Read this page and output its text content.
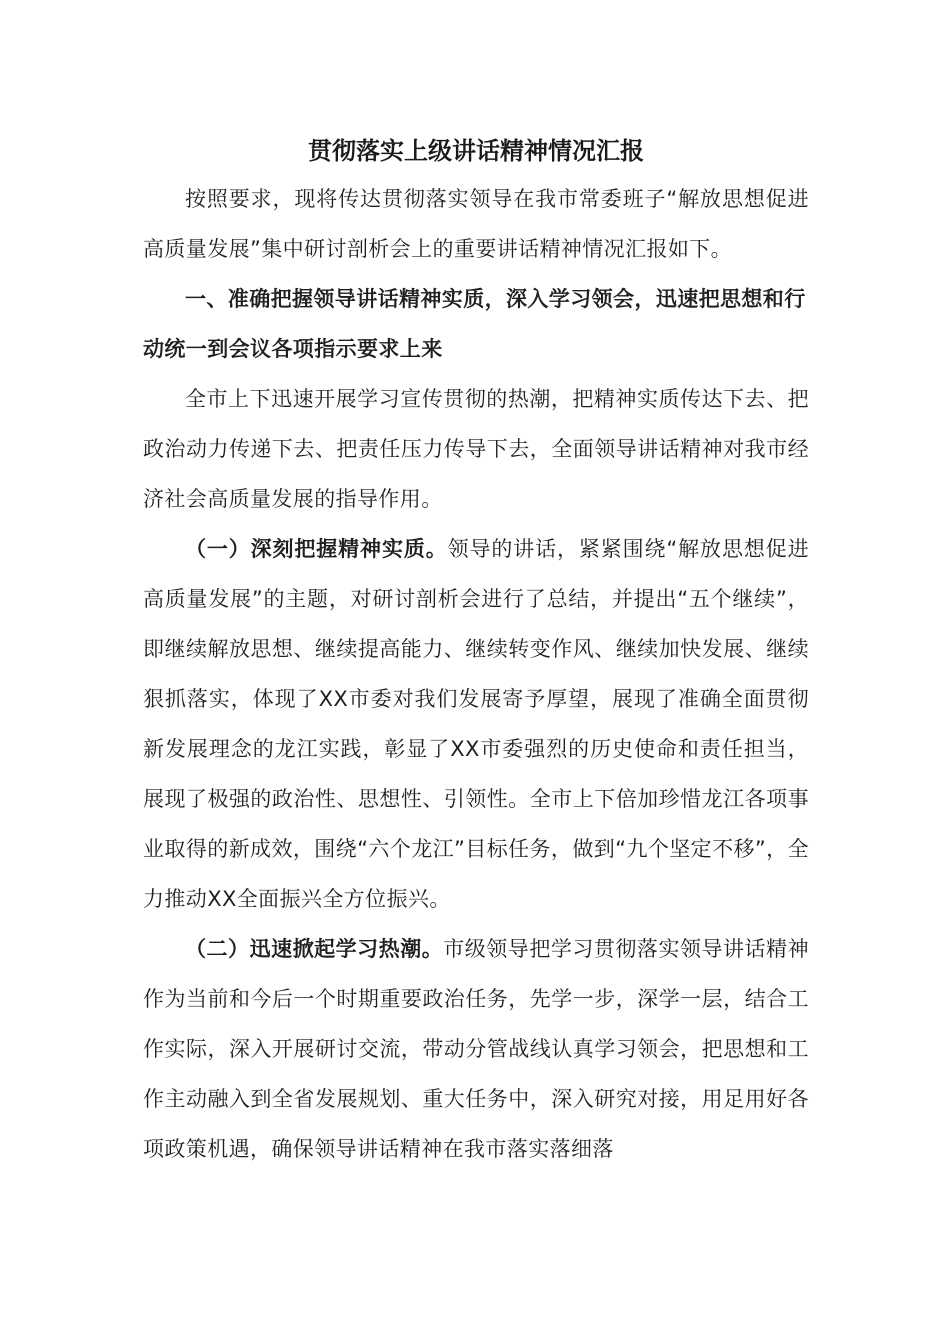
贯彻落实上级讲话精神情况汇报

按照要求，现将传达贯彻落实领导在我市常委班子“解放思想促进高质量发展”集中研讨剖析会上的重要讲话精神情况汇报如下。

一、准确把握领导讲话精神实质，深入学习领会，迅速把思想和行动统一到会议各项指示要求上来

全市上下迅速开展学习宣传贯彻的热潮，把精神实质传达下去、把政治动力传递下去、把责任压力传导下去，全面领导讲话精神对我市经济社会高质量发展的指导作用。

（一）深刻把握精神实质。领导的讲话，紧紧围绕“解放思想促进高质量发展”的主题，对研讨剖析会进行了总结，并提出“五个继续”，即继续解放思想、继续提高能力、继续转变作风、继续加快发展、继续狠抓落实，体现了XX市委对我们发展寄予厚望，展现了准确全面贯彻新发展理念的龙江实践，彰显了XX市委强烈的历史使命和责任担当，展现了极强的政治性、思想性、引领性。全市上下倍加珍惜龙江各项事业取得的新成效，围绕“六个龙江”目标任务，做到“九个坚定不移”，全力推动XX全面振兴全方位振兴。

（二）迅速掀起学习热潮。市级领导把学习贯彻落实领导讲话精神作为当前和今后一个时期重要政治任务，先学一步，深学一层，结合工作实际，深入开展研讨交流，带动分管战线认真学习领会，把思想和工作主动融入到全省发展规划、重大任务中，深入研究对接，用足用好各项政策机遇，确保领导讲话精神在我市落实落细落
